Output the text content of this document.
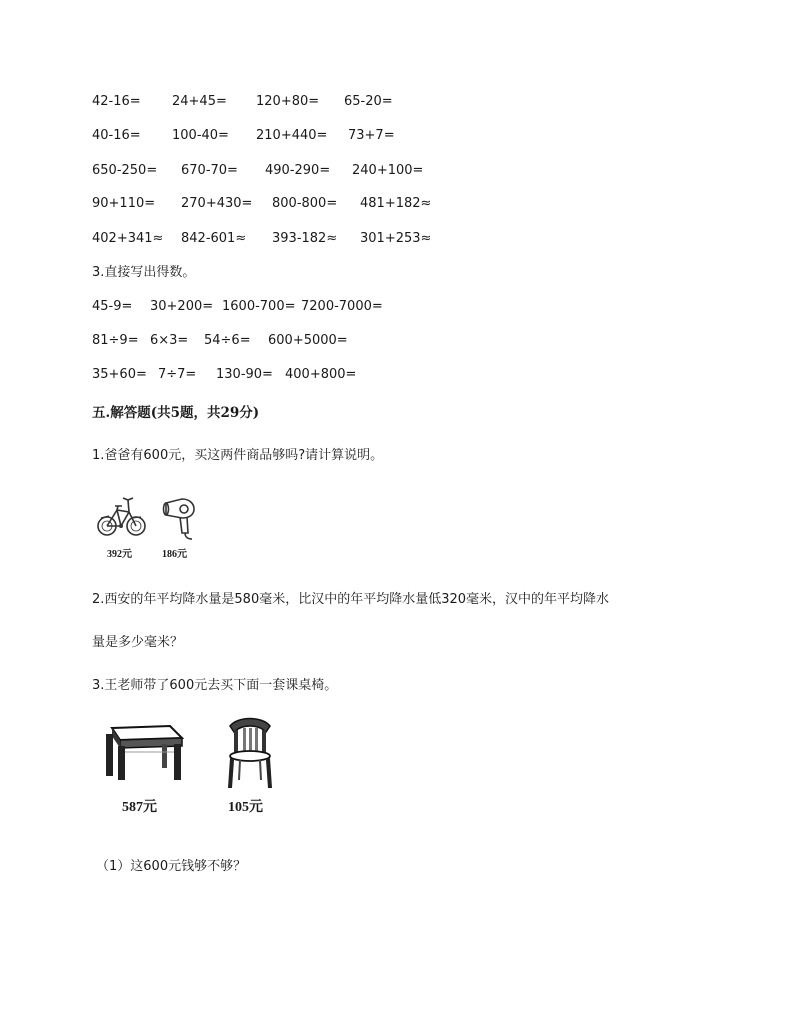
42-16= 24+45= 120+80= 65-20=
40-16= 100-40= 210+440= 73+7=
650-250= 670-70= 490-290= 240+100=
90+110= 270+430= 800-800= 481+182≈
402+341≈ 842-601≈ 393-182≈ 301+253≈
3.直接写出得数。
45-9= 30+200= 1600-700= 7200-7000=
81÷9= 6×3= 54÷6= 600+5000=
35+60= 7÷7= 130-90= 400+800=
五.解答题(共5题，共29分)
1.爸爸有600元，买这两件商品够吗?请计算说明。
392元	186元
2.西安的年平均降水量是580毫米，比汉中的年平均降水量低320毫米，汉中的年平均降水
量是多少毫米？
3.王老师带了600元去买下面一套课桌椅。
587元	105元
（1）这600元钱够不够？
